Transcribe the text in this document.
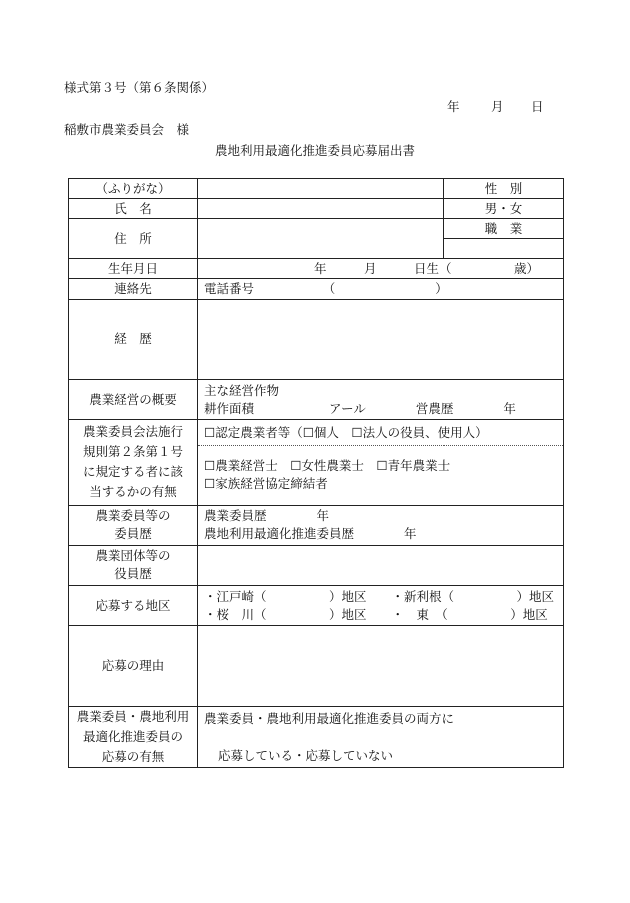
様式第３号（第６条関係）
年	月 日
稲敷市農業委員会　様
農地利用最適化推進委員応募届出書
（ふりがな）		性　別
氏　名		男・女
住　所		職　業

生年月日	年　　　月　　　日生（　　　　　歳）	

連絡先	電話番号　　　　　　（　　　　　　　　）	

経　歴		
農業経営の概要	主な経営作物
耕作面積　　　　　　アール　　　　営農歴　　　　年	

農業委員会法施行
規則第２条第１号
に規定する者に該
当するかの有無	☐認定農業者等（☐個人　☐法人の役員、使用人）	

	☐農業経営士　☐女性農業士　☐青年農業士
☐家族経営協定締結者	

農業委員等の
委員歴	農業委員歴　　　　年
農地利用最適化推進委員歴　　　　年	

農業団体等の
役員歴		

応募する地区	・江戸崎（　　　　　）地区　　・新利根（　　　　　）地区
・桜　川（　　　　　）地区　　・　東　（　　　　　）地区	

応募の理由		

農業委員・農地利用
最適化推進委員の
応募の有無	農業委員・農地利用最適化推進委員の両方に
応募している・応募していない	
